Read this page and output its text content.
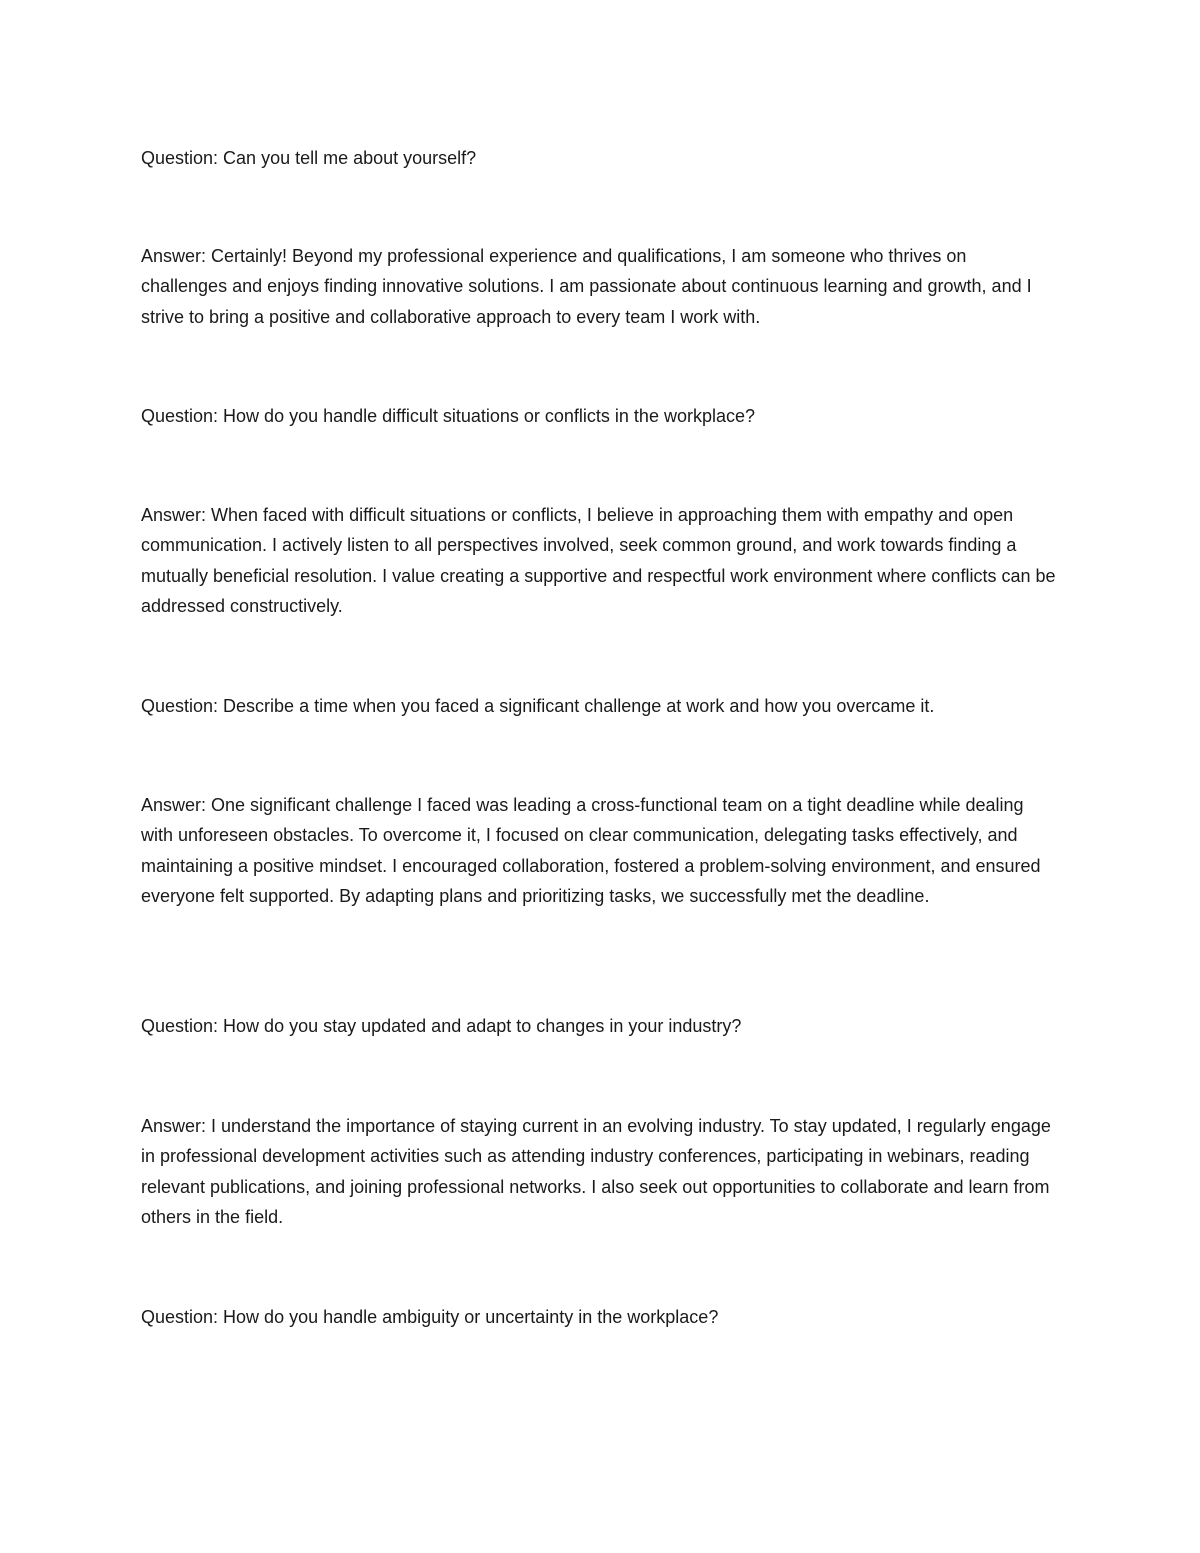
Question: Can you tell me about yourself?

Answer: Certainly! Beyond my professional experience and qualifications, I am someone who thrives on challenges and enjoys finding innovative solutions. I am passionate about continuous learning and growth, and I strive to bring a positive and collaborative approach to every team I work with.

Question: How do you handle difficult situations or conflicts in the workplace?

Answer: When faced with difficult situations or conflicts, I believe in approaching them with empathy and open communication. I actively listen to all perspectives involved, seek common ground, and work towards finding a mutually beneficial resolution. I value creating a supportive and respectful work environment where conflicts can be addressed constructively.

Question: Describe a time when you faced a significant challenge at work and how you overcame it.

Answer: One significant challenge I faced was leading a cross-functional team on a tight deadline while dealing with unforeseen obstacles. To overcome it, I focused on clear communication, delegating tasks effectively, and maintaining a positive mindset. I encouraged collaboration, fostered a problem-solving environment, and ensured everyone felt supported. By adapting plans and prioritizing tasks, we successfully met the deadline.

Question: How do you stay updated and adapt to changes in your industry?

Answer: I understand the importance of staying current in an evolving industry. To stay updated, I regularly engage in professional development activities such as attending industry conferences, participating in webinars, reading relevant publications, and joining professional networks. I also seek out opportunities to collaborate and learn from others in the field.

Question: How do you handle ambiguity or uncertainty in the workplace?
